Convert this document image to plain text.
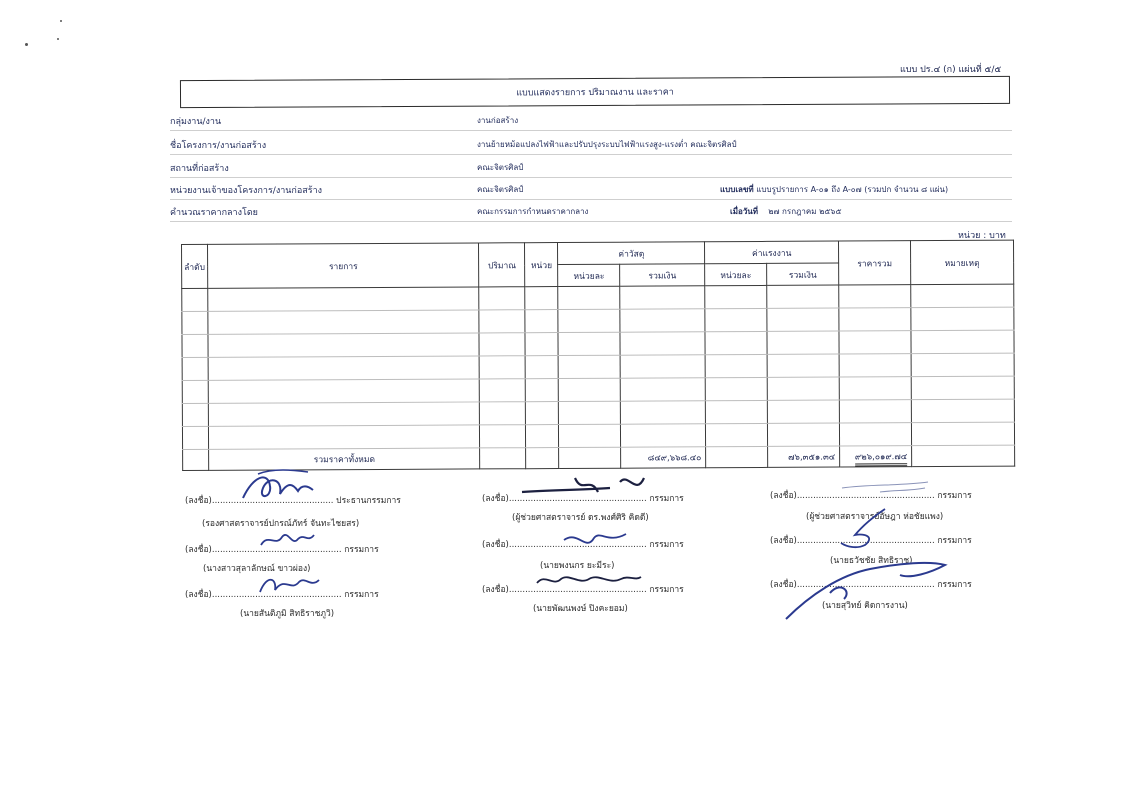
แบบ ปร.๔ (ก) แผ่นที่ ๕/๕
แบบแสดงรายการ ปริมาณงาน และราคา
กลุ่มงาน/งาน	งานก่อสร้าง
ชื่อโครงการ/งานก่อสร้าง	งานย้ายหม้อแปลงไฟฟ้าและปรับปรุงระบบไฟฟ้าแรงสูง-แรงต่ำ คณะจิตรศิลป์
สถานที่ก่อสร้าง	คณะจิตรศิลป์
หน่วยงานเจ้าของโครงการ/งานก่อสร้าง	คณะจิตรศิลป์	แบบเลขที่ แบบรูปรายการ A-๐๑ ถึง A-๐๗ (รวมปก จำนวน ๘ แผ่น)
คำนวณราคากลางโดย	คณะกรรมการกำหนดราคากลาง	เมื่อวันที่ ๒๗ กรกฎาคม ๒๕๖๕
หน่วย : บาท
ลำดับ	รายการ	ปริมาณ	หน่วย	ค่าวัสดุ		ค่าแรงงาน		ราคารวม	หมายเหตุ
				หน่วยละ	รวมเงิน	หน่วยละ	รวมเงิน		

	รวมราคาทั้งหมด				๘๔๙,๖๖๘.๔๐		๗๖,๓๕๑.๓๔	๙๒๖,๐๑๙.๗๔	
(ลงชื่อ)............................................. ประธานกรรมการ
(รองศาสตราจารย์ปกรณ์ภัทร์ จันทะไชยสร)
(ลงชื่อ)................................................ กรรมการ
(นางสาวสุลาลักษณ์ ขาวผ่อง)
(ลงชื่อ)................................................ กรรมการ
(นายสันติภูมิ สิทธิราชภูวิ)
(ลงชื่อ)................................................... กรรมการ
(ผู้ช่วยศาสตราจารย์ ดร.พงศ์ศิริ คิดดี)
(ลงชื่อ)................................................... กรรมการ
(นายพงนกร ยะมีระ)
(ลงชื่อ)................................................... กรรมการ
(นายพัฒนพงษ์ ปิงคะยอม)
(ลงชื่อ)................................................... กรรมการ
(ผู้ช่วยศาสตราจารย์อัษฎา ห่อชัยแพง)
(ลงชื่อ)................................................... กรรมการ
(นายธวัชชัย สิทธิราช)
(ลงชื่อ)................................................... กรรมการ
(นายสุวิทย์ คิดการงาน)
